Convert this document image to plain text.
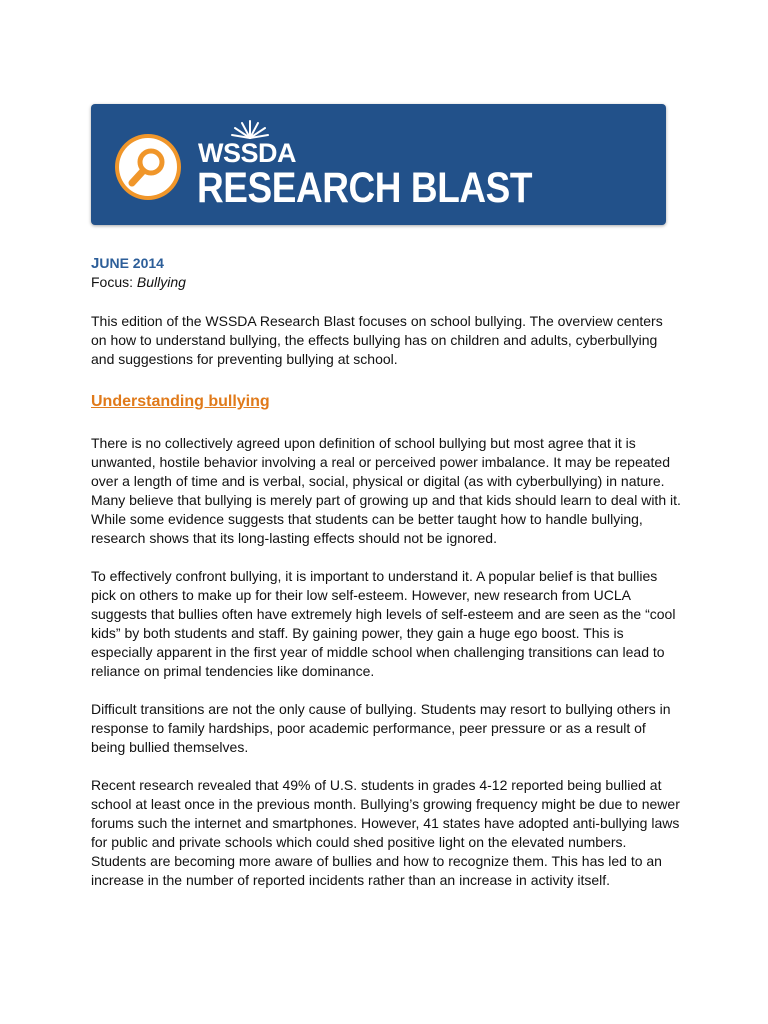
WSSDA
RESEARCH BLAST

JUNE 2014

Focus: Bullying

This edition of the WSSDA Research Blast focuses on school bullying. The overview centers on how to understand bullying, the effects bullying has on children and adults, cyberbullying and suggestions for preventing bullying at school.

Understanding bullying

There is no collectively agreed upon definition of school bullying but most agree that it is unwanted, hostile behavior involving a real or perceived power imbalance. It may be repeated over a length of time and is verbal, social, physical or digital (as with cyberbullying) in nature. Many believe that bullying is merely part of growing up and that kids should learn to deal with it. While some evidence suggests that students can be better taught how to handle bullying, research shows that its long-lasting effects should not be ignored.

To effectively confront bullying, it is important to understand it. A popular belief is that bullies pick on others to make up for their low self-esteem. However, new research from UCLA suggests that bullies often have extremely high levels of self-esteem and are seen as the “cool kids” by both students and staff. By gaining power, they gain a huge ego boost. This is especially apparent in the first year of middle school when challenging transitions can lead to reliance on primal tendencies like dominance.

Difficult transitions are not the only cause of bullying. Students may resort to bullying others in response to family hardships, poor academic performance, peer pressure or as a result of being bullied themselves.

Recent research revealed that 49% of U.S. students in grades 4-12 reported being bullied at school at least once in the previous month. Bullying’s growing frequency might be due to newer forums such the internet and smartphones. However, 41 states have adopted anti-bullying laws for public and private schools which could shed positive light on the elevated numbers. Students are becoming more aware of bullies and how to recognize them. This has led to an increase in the number of reported incidents rather than an increase in activity itself.
